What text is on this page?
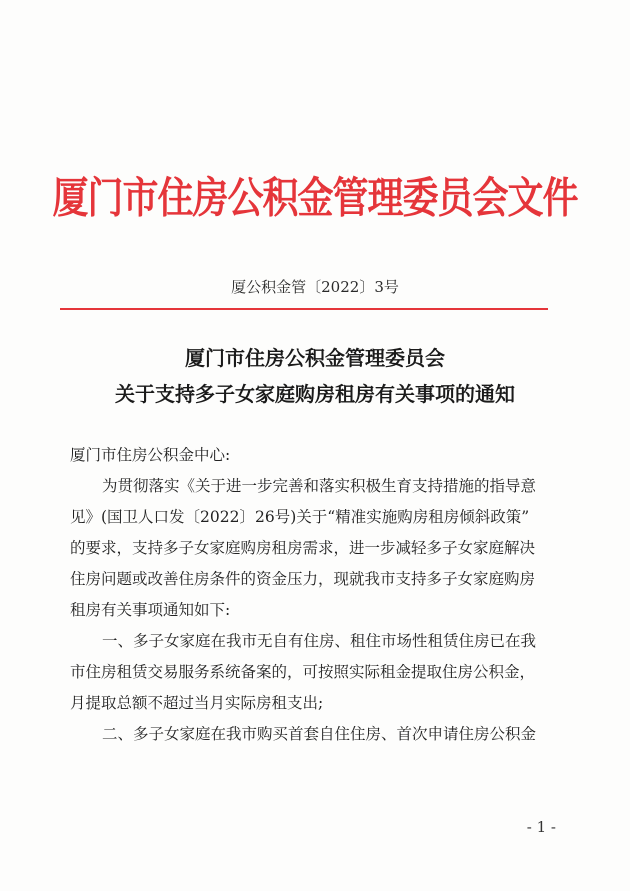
厦门市住房公积金管理委员会文件
厦公积金管〔2022〕3号
厦门市住房公积金管理委员会
关于支持多子女家庭购房租房有关事项的通知
厦门市住房公积金中心:
为贯彻落实《关于进一步完善和落实积极生育支持措施的指导意
见》(国卫人口发〔2022〕26号)关于“精准实施购房租房倾斜政策”
的要求，支持多子女家庭购房租房需求，进一步减轻多子女家庭解决
住房问题或改善住房条件的资金压力，现就我市支持多子女家庭购房
租房有关事项通知如下:
一、多子女家庭在我市无自有住房、租住市场性租赁住房已在我
市住房租赁交易服务系统备案的，可按照实际租金提取住房公积金，
月提取总额不超过当月实际房租支出;
二、多子女家庭在我市购买首套自住住房、首次申请住房公积金
- 1 -
